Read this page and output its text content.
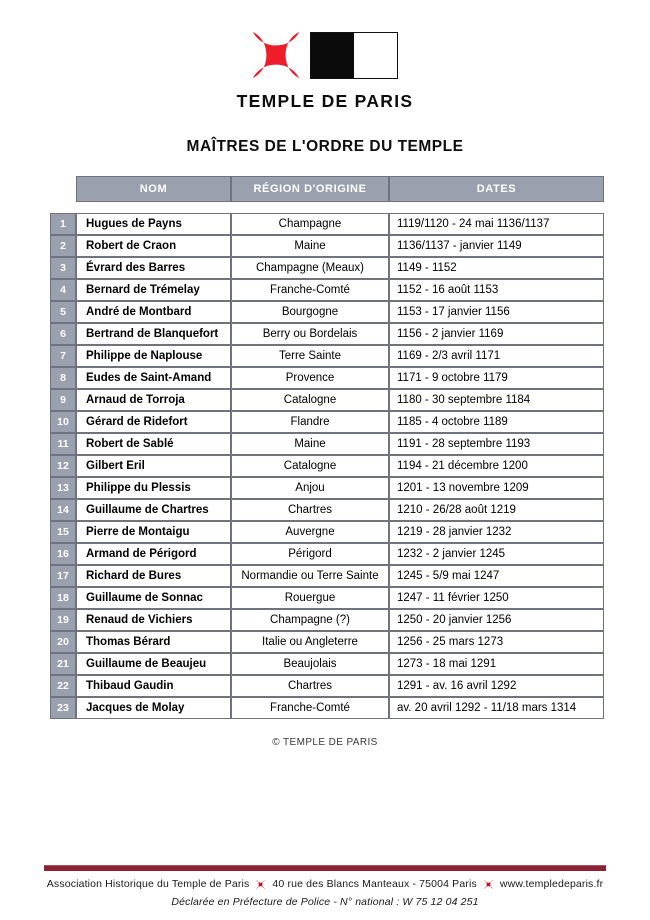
TEMPLE DE PARIS
MAÎTRES DE L'ORDRE DU TEMPLE
	NOM	RÉGION D'ORIGINE	DATES

1	Hugues de Payns	Champagne	1119/1120 - 24 mai 1136/1137
2	Robert de Craon	Maine	1136/1137 - janvier 1149
3	Évrard des Barres	Champagne (Meaux)	1149 - 1152
4	Bernard de Trémelay	Franche-Comté	1152 - 16 août 1153
5	André de Montbard	Bourgogne	1153 - 17 janvier 1156
6	Bertrand de Blanquefort	Berry ou Bordelais	1156 - 2 janvier 1169
7	Philippe de Naplouse	Terre Sainte	1169 - 2/3 avril 1171
8	Eudes de Saint-Amand	Provence	1171 - 9 octobre 1179
9	Arnaud de Torroja	Catalogne	1180 - 30 septembre 1184
10	Gérard de Ridefort	Flandre	1185 - 4 octobre 1189
11	Robert de Sablé	Maine	1191 - 28 septembre 1193
12	Gilbert Eril	Catalogne	1194 - 21 décembre 1200
13	Philippe du Plessis	Anjou	1201 - 13 novembre 1209
14	Guillaume de Chartres	Chartres	1210 - 26/28 août 1219
15	Pierre de Montaigu	Auvergne	1219 - 28 janvier 1232
16	Armand de Périgord	Périgord	1232 - 2 janvier 1245
17	Richard de Bures	Normandie ou Terre Sainte	1245 - 5/9 mai 1247
18	Guillaume de Sonnac	Rouergue	1247 - 11 février 1250
19	Renaud de Vichiers	Champagne (?)	1250 - 20 janvier 1256
20	Thomas Bérard	Italie ou Angleterre	1256 - 25 mars 1273
21	Guillaume de Beaujeu	Beaujolais	1273 - 18 mai 1291
22	Thibaud Gaudin	Chartres	1291 - av. 16 avril 1292
23	Jacques de Molay	Franche-Comté	av. 20 avril 1292 - 11/18 mars 1314
© TEMPLE DE PARIS
Association Historique du Temple de Paris 40 rue des Blancs Manteaux - 75004 Paris www.templedeparis.fr
Déclarée en Préfecture de Police - N° national : W 75 12 04 251
